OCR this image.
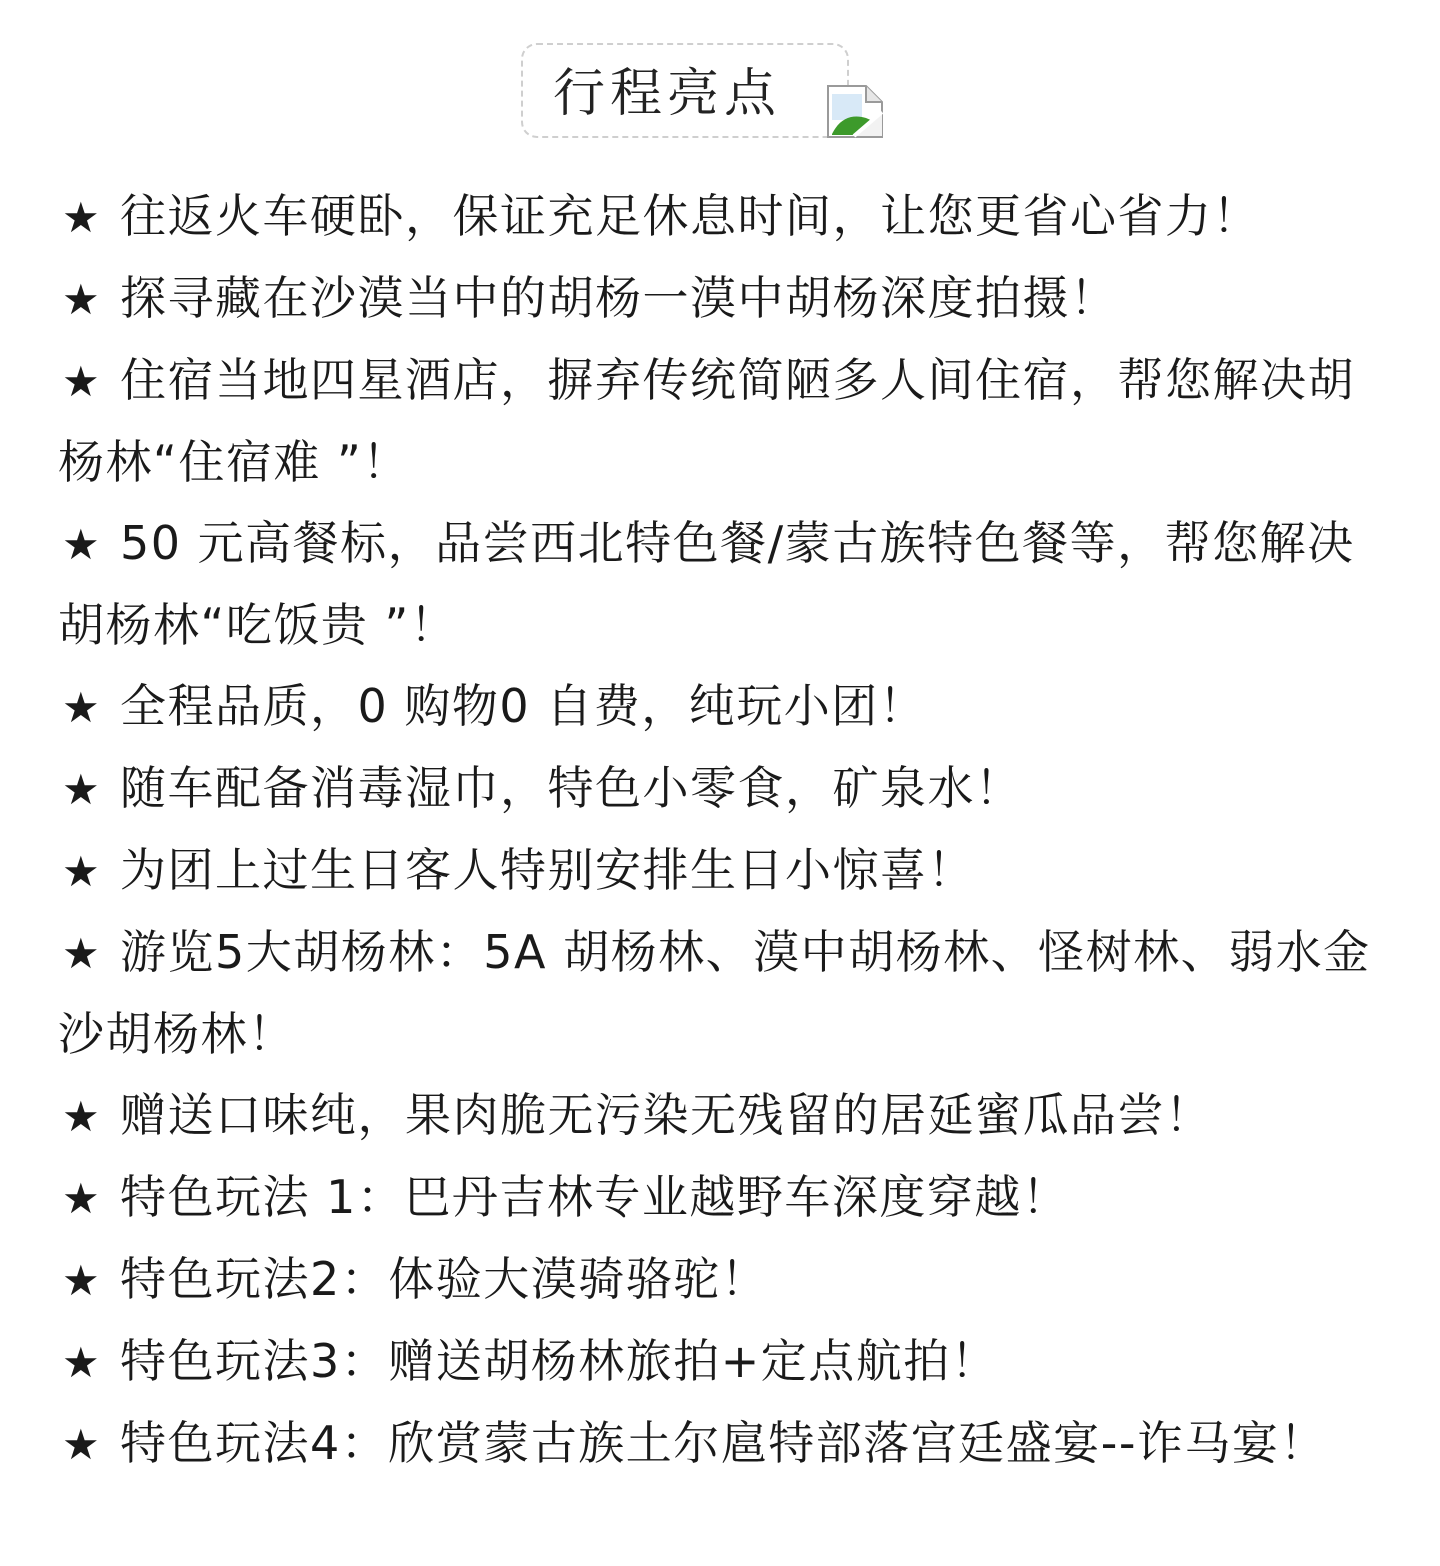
行程亮点
★ 往返火车硬卧，保证充足休息时间，让您更省心省力！
★ 探寻藏在沙漠当中的胡杨一漠中胡杨深度拍摄！
★ 住宿当地四星酒店，摒弃传统简陋多人间住宿，帮您解决胡杨林“住宿难 ”！
★ 50 元高餐标，品尝西北特色餐/蒙古族特色餐等，帮您解决胡杨林“吃饭贵 ”！
★ 全程品质，0 购物0 自费，纯玩小团！
★ 随车配备消毒湿巾，特色小零食，矿泉水！
★ 为团上过生日客人特别安排生日小惊喜！
★ 游览5大胡杨林：5A 胡杨林、漠中胡杨林、怪树林、弱水金沙胡杨林！
★ 赠送口味纯，果肉脆无污染无残留的居延蜜瓜品尝！
★ 特色玩法 1：巴丹吉林专业越野车深度穿越！
★ 特色玩法2：体验大漠骑骆驼！
★ 特色玩法3：赠送胡杨林旅拍+定点航拍！
★ 特色玩法4：欣赏蒙古族土尔扈特部落宫廷盛宴--诈马宴！
